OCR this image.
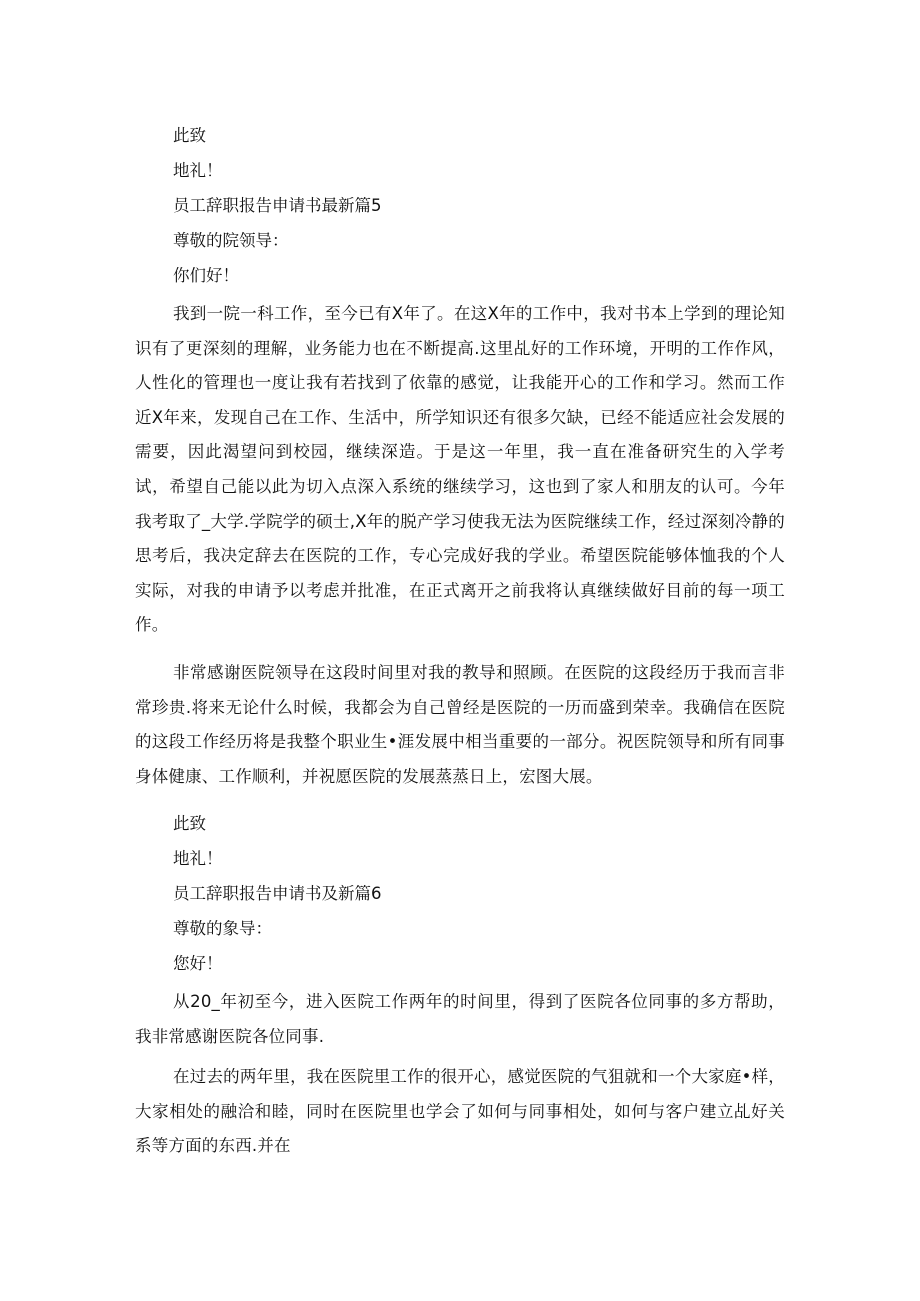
此致
地礼！
员工辞职报告申请书最新篇5
尊敬的院领导：
你们好！

我到一院一科工作，至今已有X年了。在这X年的工作中，我对书本上学到的理论知识有了更深刻的理解，业务能力也在不断提高.这里乩好的工作环境，开明的工作作风，人性化的管理也一度让我有若找到了依靠的感觉，让我能开心的工作和学习。然而工作近X年来，发现自己在工作、生活中，所学知识还有很多欠缺，已经不能适应社会发展的需要，因此渴望问到校园，继续深造。于是这一年里，我一直在准备研究生的入学考试，希望自己能以此为切入点深入系统的继续学习，这也到了家人和朋友的认可。今年我考取了_大学.学院学的硕士,X年的脱产学习使我无法为医院继续工作，经过深刻冷静的思考后，我决定辞去在医院的工作，专心完成好我的学业。希望医院能够体恤我的个人实际，对我的申请予以考虑并批准，在正式离开之前我将认真继续做好目前的每一项工作。

非常感谢医院领导在这段时间里对我的教导和照顾。在医院的这段经历于我而言非常珍贵.将来无论什么时候，我都会为自己曾经是医院的一历而盛到荣幸。我确信在医院的这段工作经历将是我整个职业生•涯发展中相当重要的一部分。祝医院领导和所有同事身体健康、工作顺利，并祝愿医院的发展蒸蒸日上，宏图大展。

此致
地礼！
员工辞职报告申请书及新篇6
尊敬的象导：
您好！

从20_年初至今，进入医院工作两年的时间里，得到了医院各位同事的多方帮助，我非常感谢医院各位同事.

在过去的两年里，我在医院里工作的很开心，感觉医院的气狙就和一个大家庭•样，大家相处的融洽和睦，同时在医院里也学会了如何与同事相处，如何与客户建立乩好关系等方面的东西.并在
